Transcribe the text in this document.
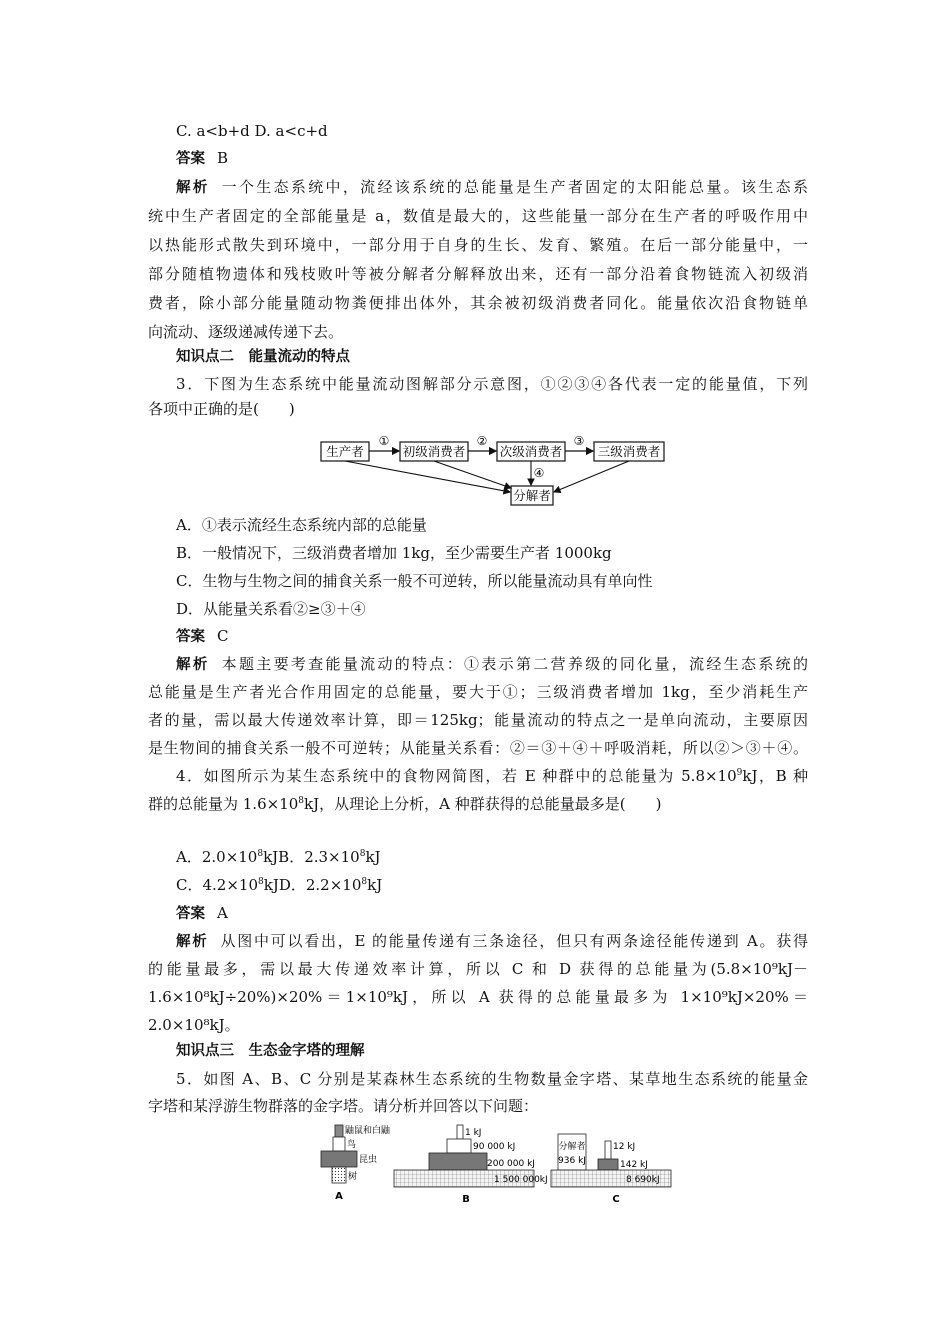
C. a<b+d D. a<c+d
答案 B
解析 一个生态系统中，流经该系统的总能量是生产者固定的太阳能总量。该生态系
统中生产者固定的全部能量是 a，数值是最大的，这些能量一部分在生产者的呼吸作用中
以热能形式散失到环境中，一部分用于自身的生长、发育、繁殖。在后一部分能量中，一
部分随植物遗体和残枝败叶等被分解者分解释放出来，还有一部分沿着食物链流入初级消
费者，除小部分能量随动物粪便排出体外，其余被初级消费者同化。能量依次沿食物链单
向流动、逐级递减传递下去。
知识点二　能量流动的特点
3．下图为生态系统中能量流动图解部分示意图，①②③④各代表一定的能量值，下列
各项中正确的是(　　)
生产者	初级消费者	次级消费者	三级消费者
分解者
①	②	③
④
A．①表示流经生态系统内部的总能量
B．一般情况下，三级消费者增加 1kg，至少需要生产者 1000kg
C．生物与生物之间的捕食关系一般不可逆转，所以能量流动具有单向性
D．从能量关系看②≥③＋④
答案 C
解析 本题主要考查能量流动的特点：①表示第二营养级的同化量，流经生态系统的
总能量是生产者光合作用固定的总能量，要大于①；三级消费者增加 1kg，至少消耗生产
者的量，需以最大传递效率计算，即＝125kg；能量流动的特点之一是单向流动，主要原因
是生物间的捕食关系一般不可逆转；从能量关系看：②＝③＋④＋呼吸消耗，所以②＞③＋④。
4．如图所示为某生态系统中的食物网简图，若 E 种群中的总能量为 $5.8\times 10^9kJ$，B 种
群的总能量为 $1.6\times 10^8kJ$，从理论上分析，A 种群获得的总能量最多是(　　)
A．$2.0\times 10^8kJB$．$2.3\times 10^8kJ$
C．$4.2\times 10^8kJD$．$2.2\times 10^8kJ$
答案 A
解析 从图中可以看出，E 的能量传递有三条途径，但只有两条途径能传递到 A。获得
的能量最多，需以最大传递效率计算，所以 C 和 D 获得的总能量为(5.8×10⁹kJ－
1.6×10⁸kJ÷20%)×20%＝1×10⁹kJ，所以 A 获得的总能量最多为 1×10⁹kJ×20%＝
2.0×10⁸kJ。
知识点三　生态金字塔的理解
5．如图 A、B、C 分别是某森林生态系统的生物数量金字塔、某草地生态系统的能量金
字塔和某浮游生物群落的金字塔。请分析并回答以下问题：
鼬鼠和白鼬
鸟
昆虫
树
A
1 kJ
90 000 kJ
200 000 kJ
1 500 000kJ
B
分解者
936 kJ
12 kJ
142 kJ
8 690kJ
C
